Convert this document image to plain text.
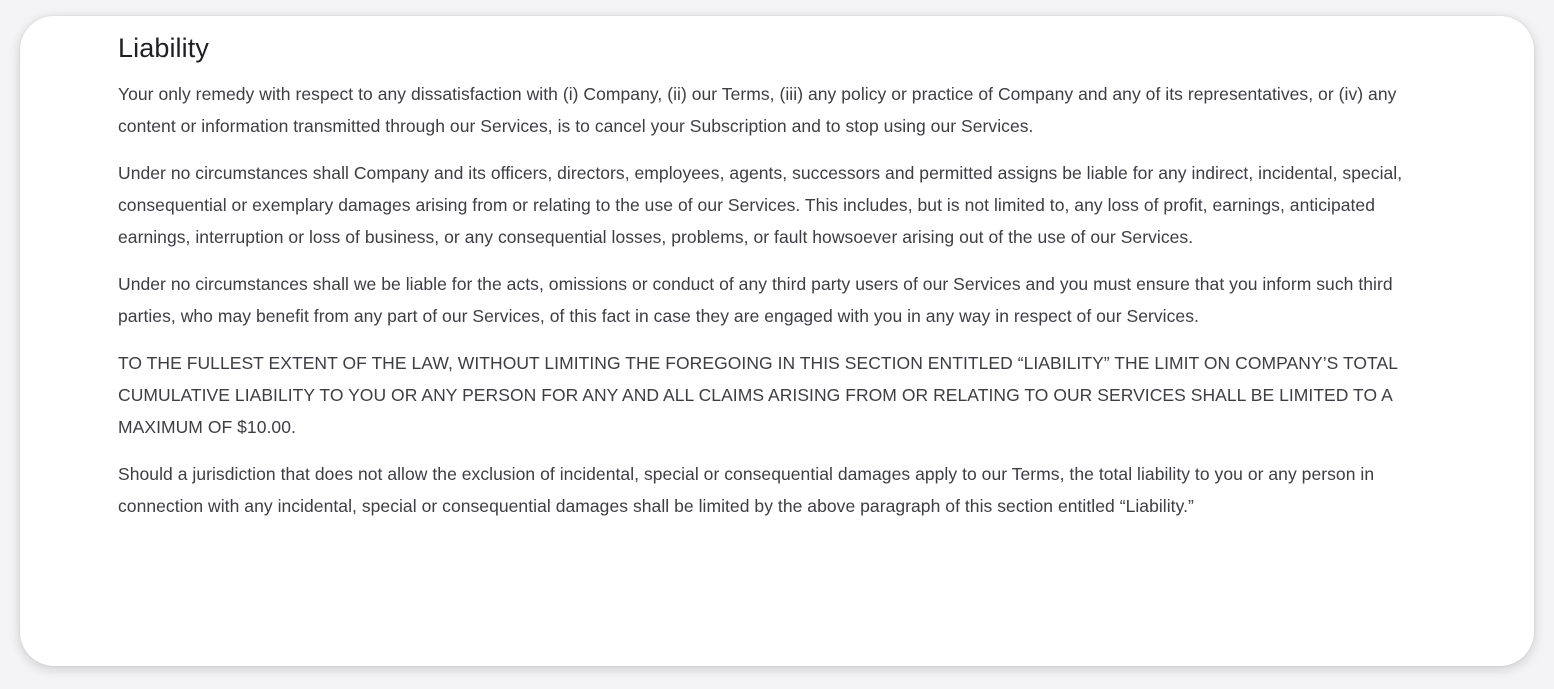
Liability

Your only remedy with respect to any dissatisfaction with (i) Company, (ii) our Terms, (iii) any policy or practice of Company and any of its representatives, or (iv) any content or information transmitted through our Services, is to cancel your Subscription and to stop using our Services.

Under no circumstances shall Company and its officers, directors, employees, agents, successors and permitted assigns be liable for any indirect, incidental, special, consequential or exemplary damages arising from or relating to the use of our Services. This includes, but is not limited to, any loss of profit, earnings, anticipated earnings, interruption or loss of business, or any consequential losses, problems, or fault howsoever arising out of the use of our Services.

Under no circumstances shall we be liable for the acts, omissions or conduct of any third party users of our Services and you must ensure that you inform such third parties, who may benefit from any part of our Services, of this fact in case they are engaged with you in any way in respect of our Services.

TO THE FULLEST EXTENT OF THE LAW, WITHOUT LIMITING THE FOREGOING IN THIS SECTION ENTITLED “LIABILITY” THE LIMIT ON COMPANY’S TOTAL CUMULATIVE LIABILITY TO YOU OR ANY PERSON FOR ANY AND ALL CLAIMS ARISING FROM OR RELATING TO OUR SERVICES SHALL BE LIMITED TO A MAXIMUM OF $10.00.

Should a jurisdiction that does not allow the exclusion of incidental, special or consequential damages apply to our Terms, the total liability to you or any person in connection with any incidental, special or consequential damages shall be limited by the above paragraph of this section entitled “Liability.”
